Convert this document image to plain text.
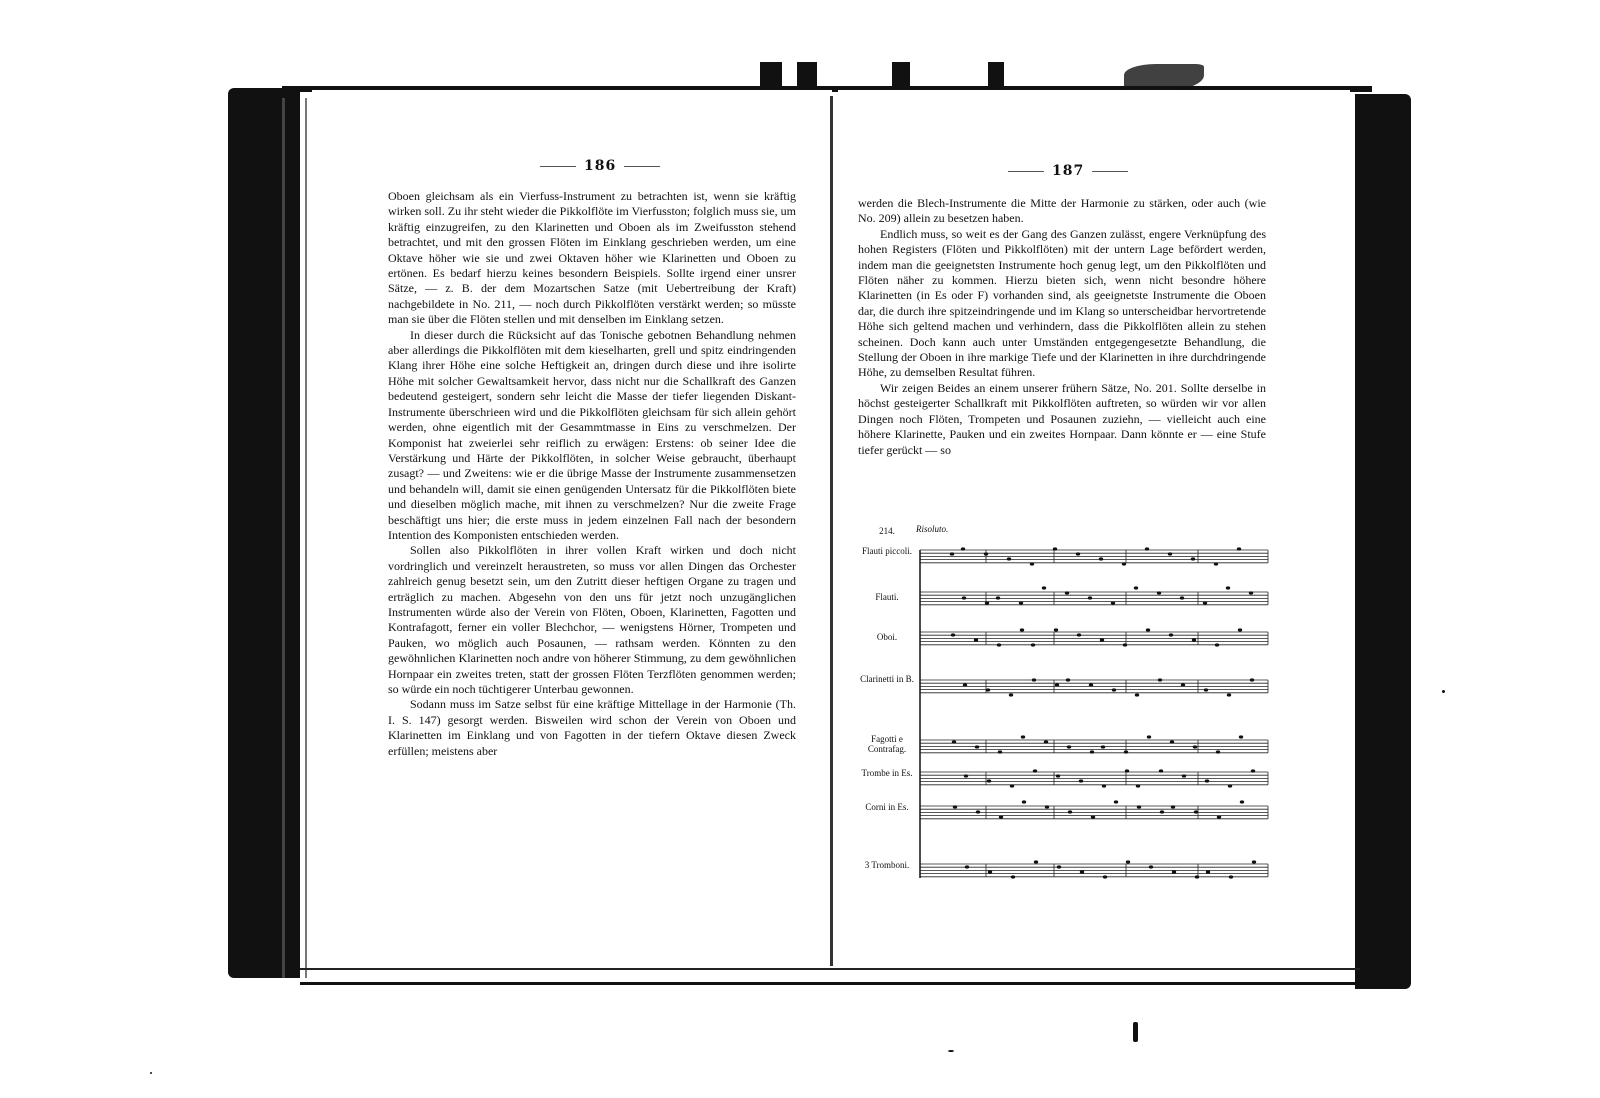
186

Oboen gleichsam als ein Vierfuss-Instrument zu betrachten ist, wenn sie kräftig wirken soll. Zu ihr steht wieder die Pikkolflöte im Vierfusston; folglich muss sie, um kräftig einzugreifen, zu den Klarinetten und Oboen als im Zweifusston stehend betrachtet, und mit den grossen Flöten im Einklang geschrieben werden, um eine Oktave höher wie sie und zwei Oktaven höher wie Klarinetten und Oboen zu ertönen. Es bedarf hierzu keines besondern Beispiels. Sollte irgend einer unsrer Sätze, — z. B. der dem Mozartschen Satze (mit Uebertreibung der Kraft) nachgebildete in No. 211, — noch durch Pikkolflöten verstärkt werden; so müsste man sie über die Flöten stellen und mit denselben im Einklang setzen.

In dieser durch die Rücksicht auf das Tonische gebotnen Behandlung nehmen aber allerdings die Pikkolflöten mit dem kieselharten, grell und spitz eindringenden Klang ihrer Höhe eine solche Heftigkeit an, dringen durch diese und ihre isolirte Höhe mit solcher Gewaltsamkeit hervor, dass nicht nur die Schallkraft des Ganzen bedeutend gesteigert, sondern sehr leicht die Masse der tiefer liegenden Diskant-Instrumente überschrieen wird und die Pikkolflöten gleichsam für sich allein gehört werden, ohne eigentlich mit der Gesammtmasse in Eins zu verschmelzen. Der Komponist hat zweierlei sehr reiflich zu erwägen: Erstens: ob seiner Idee die Verstärkung und Härte der Pikkolflöten, in solcher Weise gebraucht, überhaupt zusagt? — und Zweitens: wie er die übrige Masse der Instrumente zusammensetzen und behandeln will, damit sie einen genügenden Untersatz für die Pikkolflöten biete und dieselben möglich mache, mit ihnen zu verschmelzen? Nur die zweite Frage beschäftigt uns hier; die erste muss in jedem einzelnen Fall nach der besondern Intention des Komponisten entschieden werden.

Sollen also Pikkolflöten in ihrer vollen Kraft wirken und doch nicht vordringlich und vereinzelt heraustreten, so muss vor allen Dingen das Orchester zahlreich genug besetzt sein, um den Zutritt dieser heftigen Organe zu tragen und erträglich zu machen. Abgesehn von den uns für jetzt noch unzugänglichen Instrumenten würde also der Verein von Flöten, Oboen, Klarinetten, Fagotten und Kontrafagott, ferner ein voller Blechchor, — wenigstens Hörner, Trompeten und Pauken, wo möglich auch Posaunen, — rathsam werden. Könnten zu den gewöhnlichen Klarinetten noch andre von höherer Stimmung, zu dem gewöhnlichen Hornpaar ein zweites treten, statt der grossen Flöten Terzflöten genommen werden; so würde ein noch tüchtigerer Unterbau gewonnen.

Sodann muss im Satze selbst für eine kräftige Mittellage in der Harmonie (Th. I. S. 147) gesorgt werden. Bisweilen wird schon der Verein von Oboen und Klarinetten im Einklang und von Fagotten in der tiefern Oktave diesen Zweck erfüllen; meistens aber

187

werden die Blech-Instrumente die Mitte der Harmonie zu stärken, oder auch (wie No. 209) allein zu besetzen haben.

Endlich muss, so weit es der Gang des Ganzen zulässt, engere Verknüpfung des hohen Registers (Flöten und Pikkolflöten) mit der untern Lage befördert werden, indem man die geeignetsten Instrumente hoch genug legt, um den Pikkolflöten und Flöten näher zu kommen. Hierzu bieten sich, wenn nicht besondre höhere Klarinetten (in Es oder F) vorhanden sind, als geeignetste Instrumente die Oboen dar, die durch ihre spitzeindringende und im Klang so unterscheidbar hervortretende Höhe sich geltend machen und verhindern, dass die Pikkolflöten allein zu stehen scheinen. Doch kann auch unter Umständen entgegengesetzte Behandlung, die Stellung der Oboen in ihre markige Tiefe und der Klarinetten in ihre durchdringende Höhe, zu demselben Resultat führen.

Wir zeigen Beides an einem unserer frühern Sätze, No. 201. Sollte derselbe in höchst gesteigerter Schallkraft mit Pikkolflöten auftreten, so würden wir vor allen Dingen noch Flöten, Trompeten und Posaunen zuziehn, — vielleicht auch eine höhere Klarinette, Pauken und ein zweites Hornpaar. Dann könnte er — eine Stufe tiefer gerückt — so

214.	Risoluto.
Flauti piccoli.
Flauti.
Oboi.
Clarinetti in B.
Fagotti e Contrafag.
Trombe in Es.
Corni in Es.
3 Tromboni.
